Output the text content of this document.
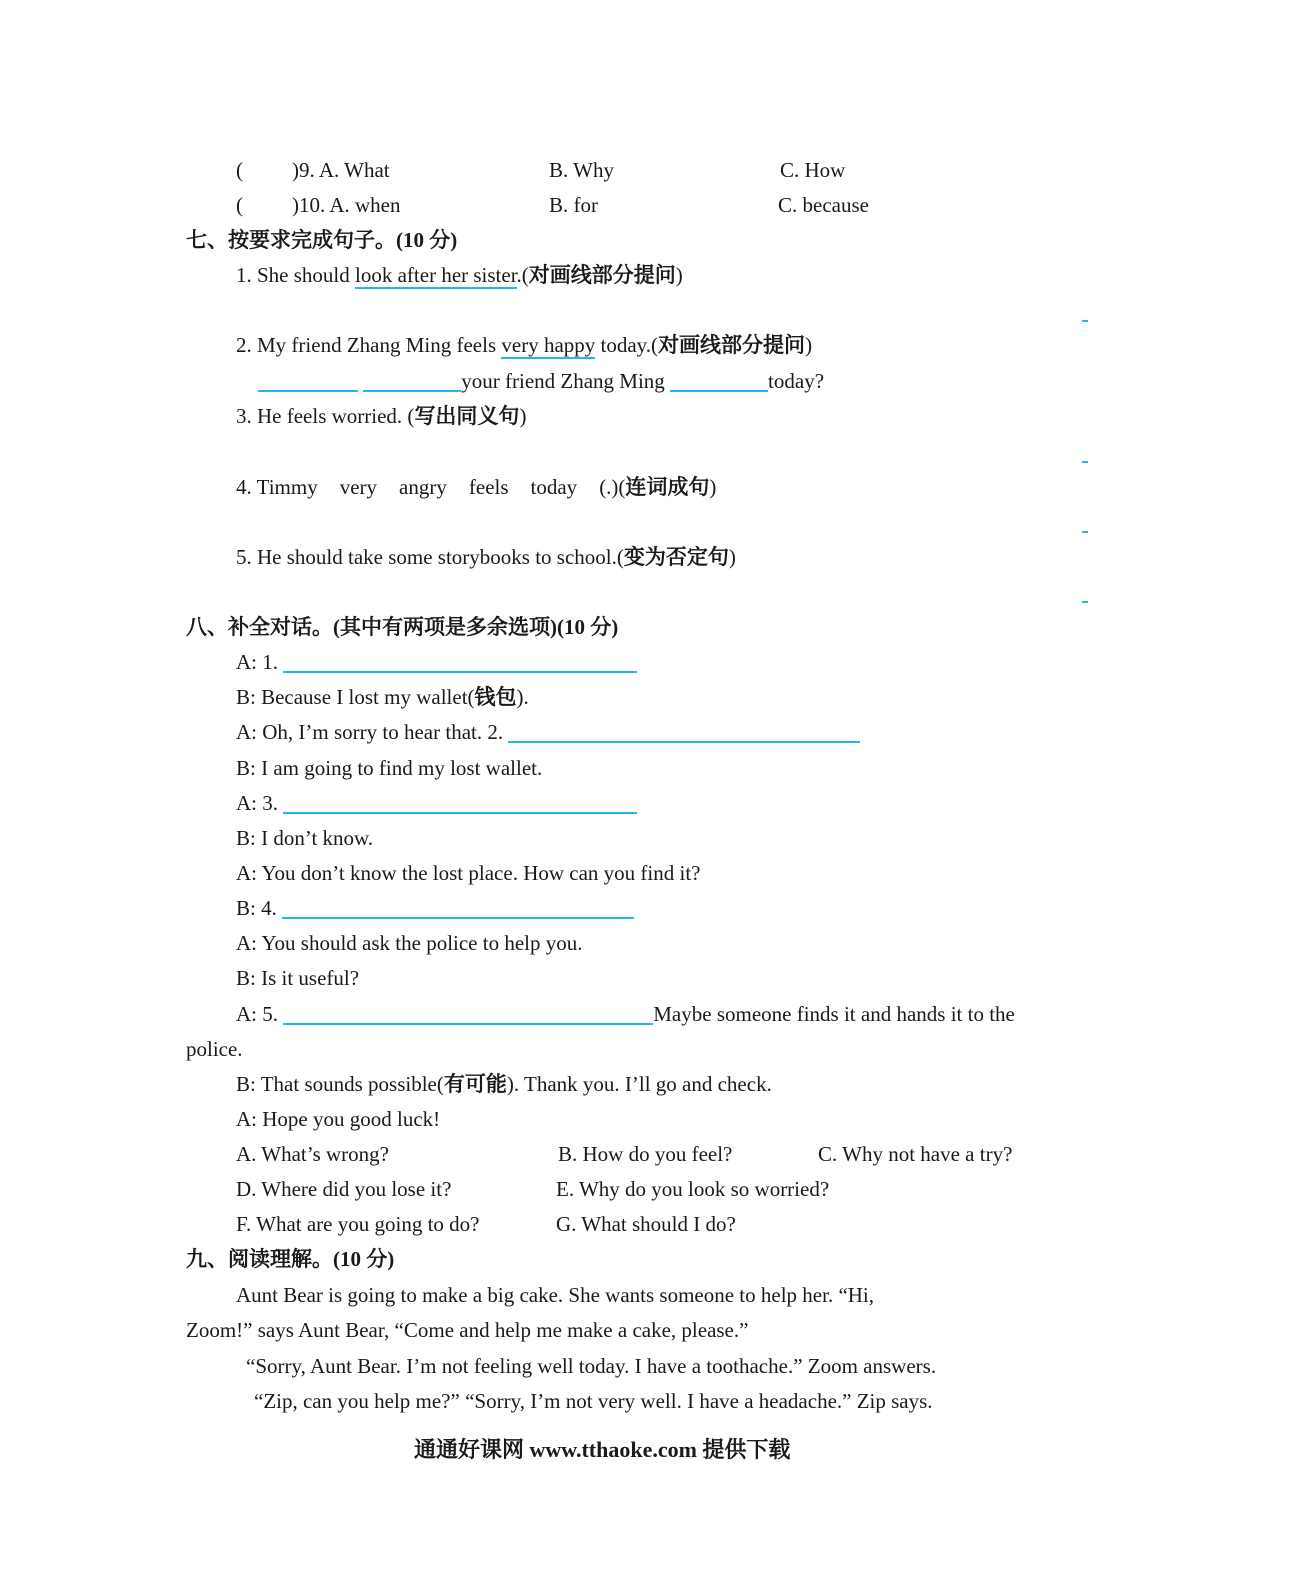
( )9. A. What	B. Why	C. How
( )10. A. when	B. for	C. because
七、按要求完成句子。(10 分)
1. She should look after her sister.(对画线部分提问)
2. My friend Zhang Ming feels very happy today.(对画线部分提问)
your friend Zhang Ming	today?
3. He feels worried. (写出同义句)
4. Timmy very angry feels today (.)(连词成句)
5. He should take some storybooks to school.(变为否定句)
八、补全对话。(其中有两项是多余选项)(10 分)
A: 1.
B: Because I lost my wallet(钱包).
A: Oh, I’m sorry to hear that. 2.
B: I am going to find my lost wallet.
A: 3.
B: I don’t know.
A: You don’t know the lost place. How can you find it?
B: 4.
A: You should ask the police to help you.
B: Is it useful?
A: 5.	Maybe someone finds it and hands it to the
police.
B: That sounds possible(有可能). Thank you. I’ll go and check.
A: Hope you good luck!
A. What’s wrong?	B. How do you feel?	C. Why not have a try?
D. Where did you lose it?	E. Why do you look so worried?
F. What are you going to do?	G. What should I do?
九、阅读理解。(10 分)
Aunt Bear is going to make a big cake. She wants someone to help her. “Hi,
Zoom!” says Aunt Bear, “Come and help me make a cake, please.”
“Sorry, Aunt Bear. I’m not feeling well today. I have a toothache.” Zoom answers.
“Zip, can you help me?” “Sorry, I’m not very well. I have a headache.” Zip says.
通通好课网 www.tthaoke.com 提供下载
